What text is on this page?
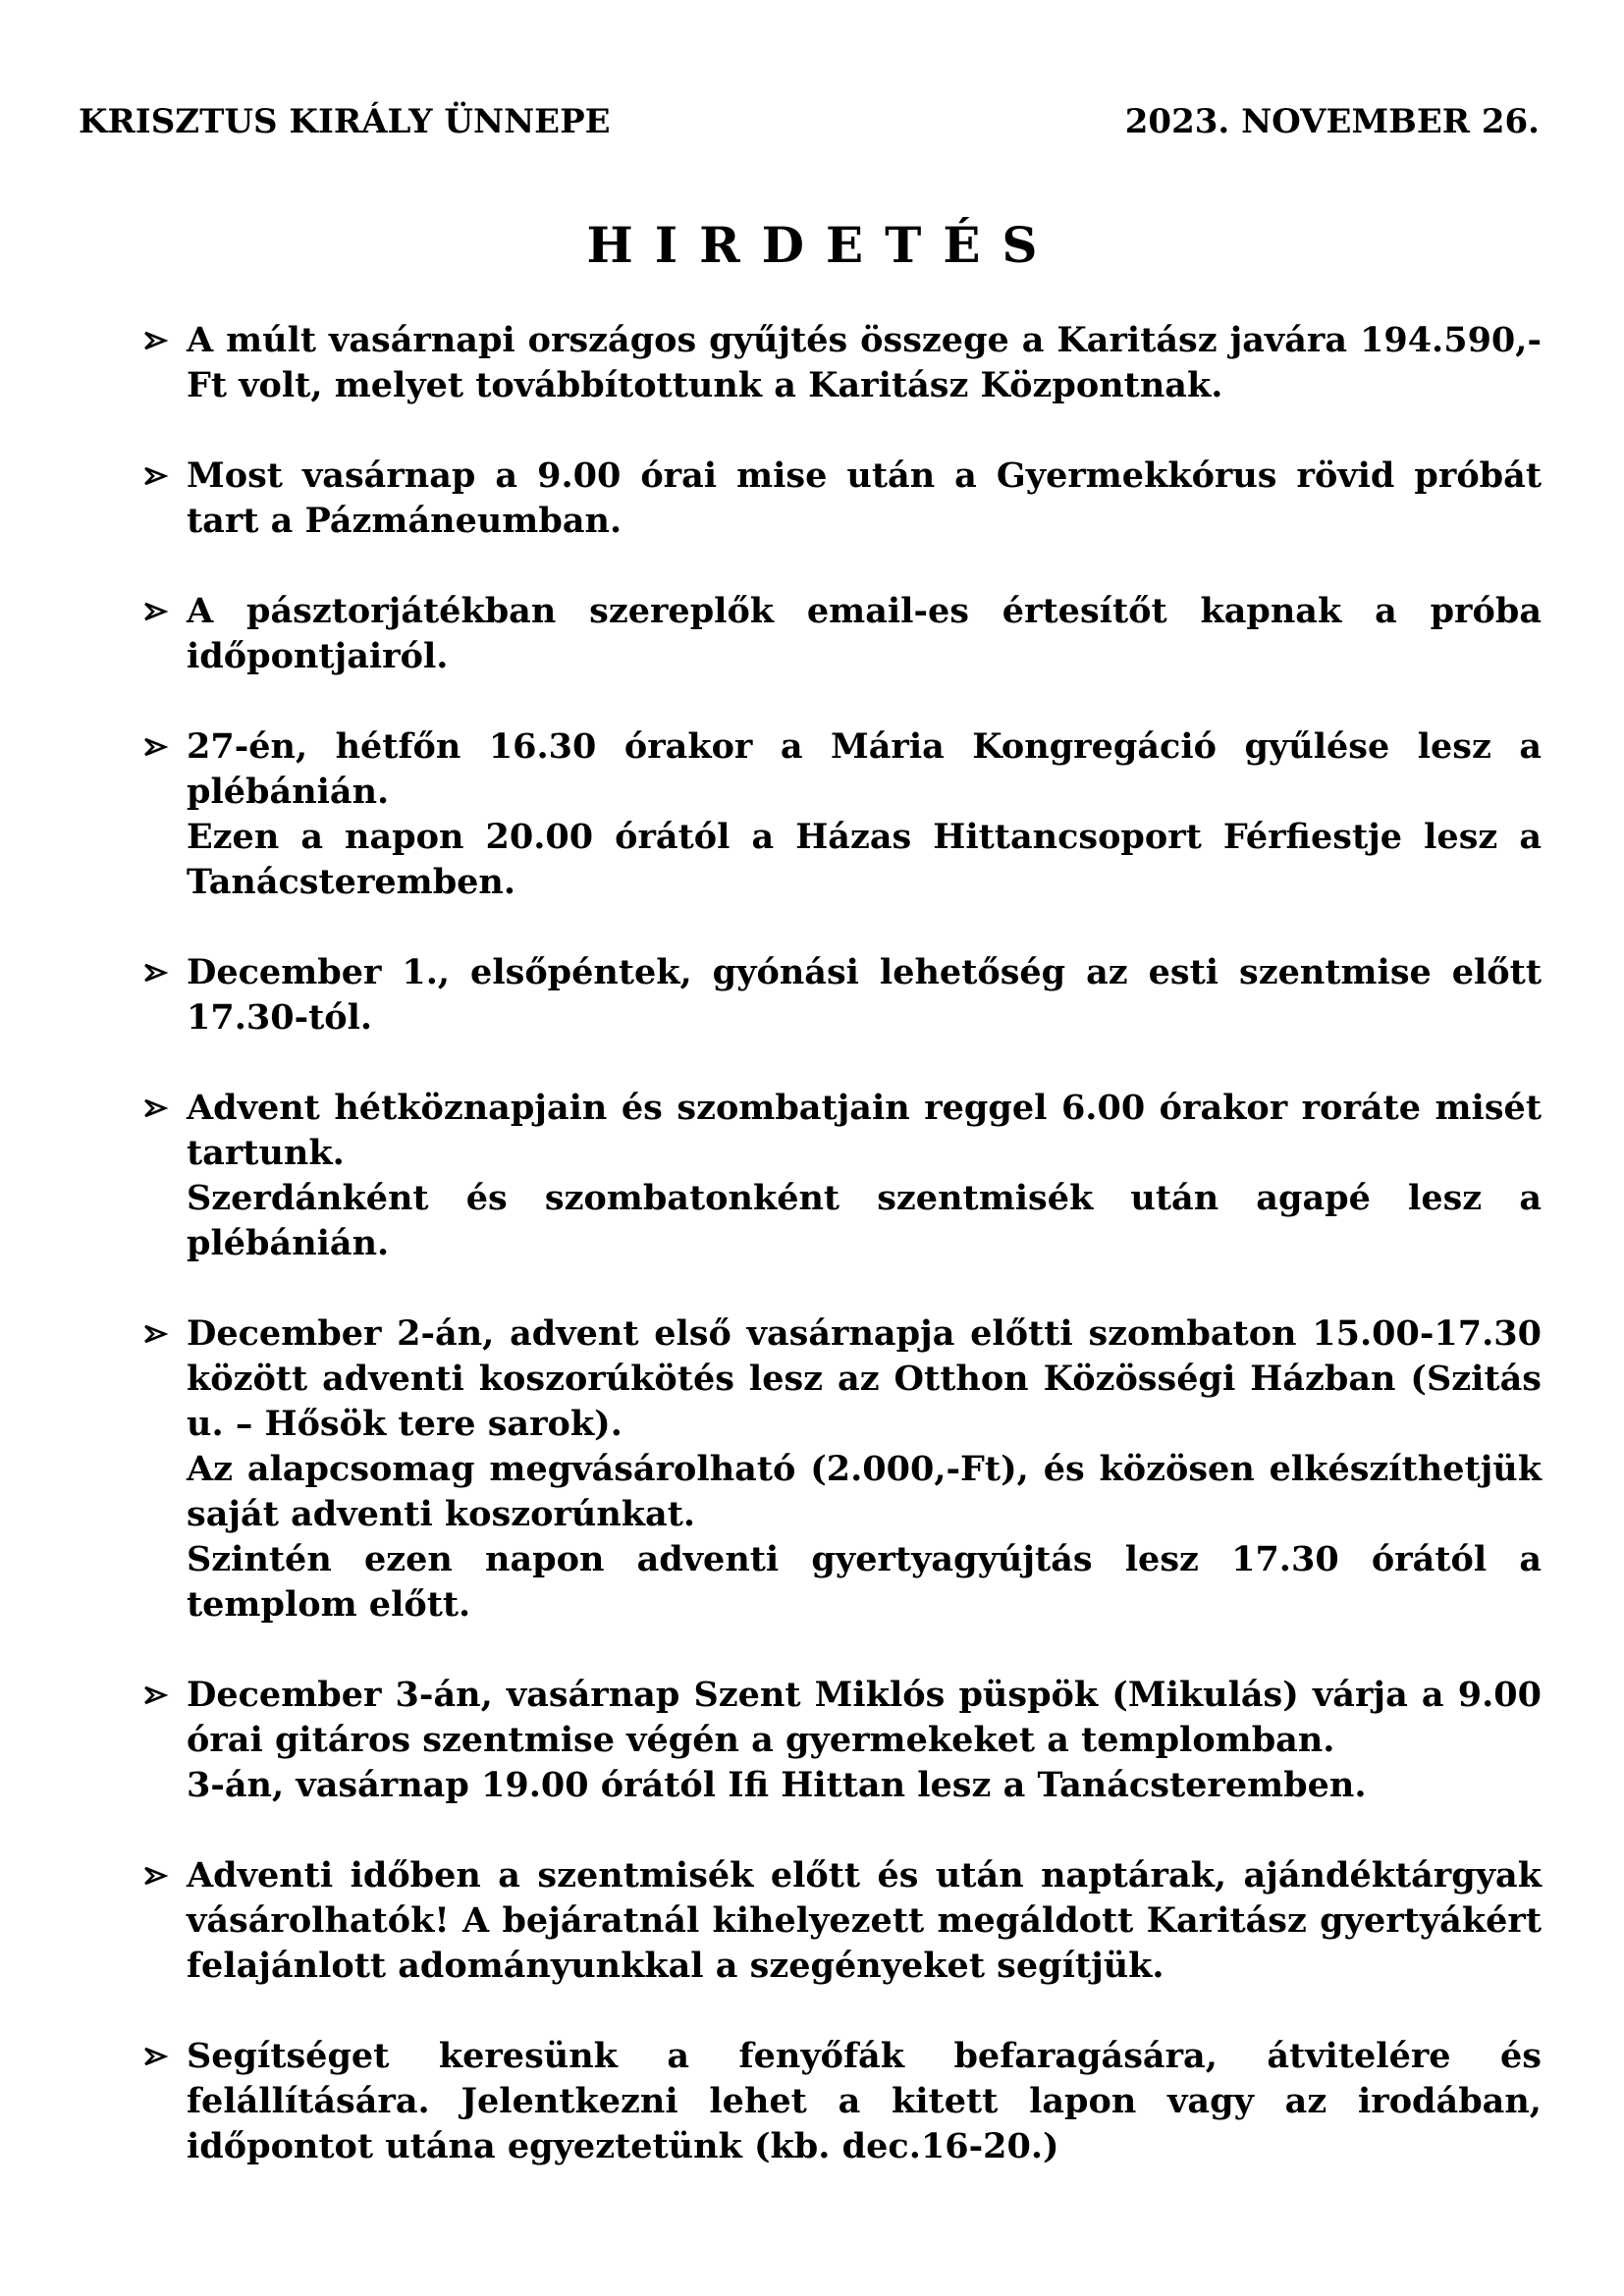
KRISZTUS KIRÁLY ÜNNEPE	2023. NOVEMBER 26.
HIRDETÉS

A múlt vasárnapi országos gyűjtés összege a Karitász javára 194.590,- Ft volt, melyet továbbítottunk a Karitász Központnak.

Most vasárnap a 9.00 órai mise után a Gyermekkórus rövid próbát tart a Pázmáneumban.

A pásztorjátékban szereplők email-es értesítőt kapnak a próba időpontjairól.

27-én, hétfőn 16.30 órakor a Mária Kongregáció gyűlése lesz a plébánián.

Ezen a napon 20.00 órától a Házas Hittancsoport Férfiestje lesz a Tanácsteremben.

December 1., elsőpéntek, gyónási lehetőség az esti szentmise előtt 17.30-tól.

Advent hétköznapjain és szombatjain reggel 6.00 órakor roráte misét tartunk.

Szerdánként és szombatonként szentmisék után agapé lesz a plébánián.

December 2-án, advent első vasárnapja előtti szombaton 15.00-17.30 között adventi koszorúkötés lesz az Otthon Közösségi Házban (Szitás u. – Hősök tere sarok).

Az alapcsomag megvásárolható (2.000,-Ft), és közösen elkészíthetjük saját adventi koszorúnkat.

Szintén ezen napon adventi gyertyagyújtás lesz 17.30 órától a templom előtt.

December 3-án, vasárnap Szent Miklós püspök (Mikulás) várja a 9.00 órai gitáros szentmise végén a gyermekeket a templomban.

3-án, vasárnap 19.00 órától Ifi Hittan lesz a Tanácsteremben.

Adventi időben a szentmisék előtt és után naptárak, ajándéktárgyak vásárolhatók! A bejáratnál kihelyezett megáldott Karitász gyertyákért felajánlott adományunkkal a szegényeket segítjük.

Segítséget keresünk a fenyőfák befaragására, átvitelére és felállítására. Jelentkezni lehet a kitett lapon vagy az irodában, időpontot utána egyeztetünk (kb. dec.16-20.)
